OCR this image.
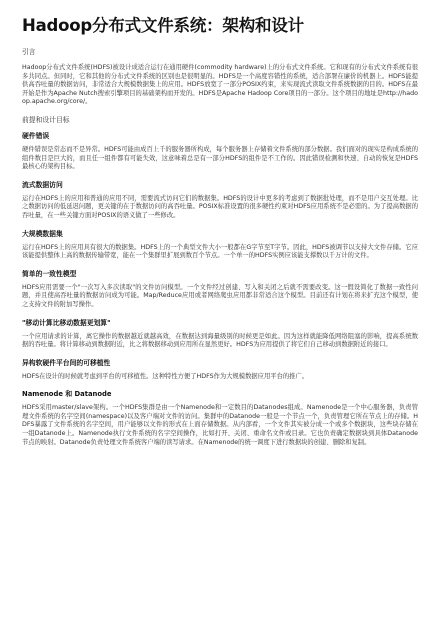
Hadoop分布式文件系统：架构和设计
引言

Hadoop分布式文件系统(HDFS)被设计成适合运行在通用硬件(commodity hardware)上的分布式文件系统。它和现有的分布式文件系统有很多共同点。但同时，它和其他的分布式文件系统的区别也是很明显的。HDFS是一个高度容错性的系统，适合部署在廉价的机器上。HDFS能提供高吞吐量的数据访问，非常适合大规模数据集上的应用。HDFS放宽了一部分POSIX约束，来实现流式读取文件系统数据的目的。HDFS在最开始是作为Apache Nutch搜索引擎项目的基础架构而开发的。HDFS是Apache Hadoop Core项目的一部分。这个项目的地址是http://hadoop.apache.org/core/。

前提和设计目标
硬件错误

硬件错误是常态而不是异常。HDFS可能由成百上千的服务器所构成，每个服务器上存储着文件系统的部分数据。我们面对的现实是构成系统的组件数目是巨大的，而且任一组件都有可能失效，这意味着总是有一部分HDFS的组件是不工作的。因此错误检测和快速、自动的恢复是HDFS最核心的架构目标。

流式数据访问

运行在HDFS上的应用和普通的应用不同，需要流式访问它们的数据集。HDFS的设计中更多的考虑到了数据批处理，而不是用户交互处理。比之数据访问的低延迟问题，更关键的在于数据访问的高吞吐量。POSIX标准设置的很多硬性约束对HDFS应用系统不是必需的。为了提高数据的吞吐量，在一些关键方面对POSIX的语义做了一些修改。

大规模数据集

运行在HDFS上的应用具有很大的数据集。HDFS上的一个典型文件大小一般都在G字节至T字节。因此，HDFS被调节以支持大文件存储。它应该能提供整体上高的数据传输带宽，能在一个集群里扩展到数百个节点。一个单一的HDFS实例应该能支撑数以千万计的文件。

简单的一致性模型

HDFS应用需要一个"一次写入多次读取"的文件访问模型。一个文件经过创建、写入和关闭之后就不需要改变。这一假设简化了数据一致性问题，并且使高吞吐量的数据访问成为可能。Map/Reduce应用或者网络爬虫应用都非常适合这个模型。目前还有计划在将来扩充这个模型，使之支持文件的附加写操作。

"移动计算比移动数据更划算"

一个应用请求的计算，离它操作的数据越近就越高效，在数据达到海量级别的时候更是如此。因为这样就能降低网络阻塞的影响，提高系统数据的吞吐量。将计算移动到数据附近，比之将数据移动到应用所在显然更好。HDFS为应用提供了将它们自己移动到数据附近的接口。

异构软硬件平台间的可移植性

HDFS在设计的时候就考虑到平台的可移植性。这种特性方便了HDFS作为大规模数据应用平台的推广。

Namenode 和 Datanode

HDFS采用master/slave架构。一个HDFS集群是由一个Namenode和一定数目的Datanodes组成。Namenode是一个中心服务器，负责管理文件系统的名字空间(namespace)以及客户端对文件的访问。集群中的Datanode一般是一个节点一个，负责管理它所在节点上的存储。HDFS暴露了文件系统的名字空间，用户能够以文件的形式在上面存储数据。从内部看，一个文件其实被分成一个或多个数据块，这些块存储在一组Datanode上。Namenode执行文件系统的名字空间操作，比如打开、关闭、重命名文件或目录。它也负责确定数据块到具体Datanode节点的映射。Datanode负责处理文件系统客户端的读写请求。在Namenode的统一调度下进行数据块的创建、删除和复制。
